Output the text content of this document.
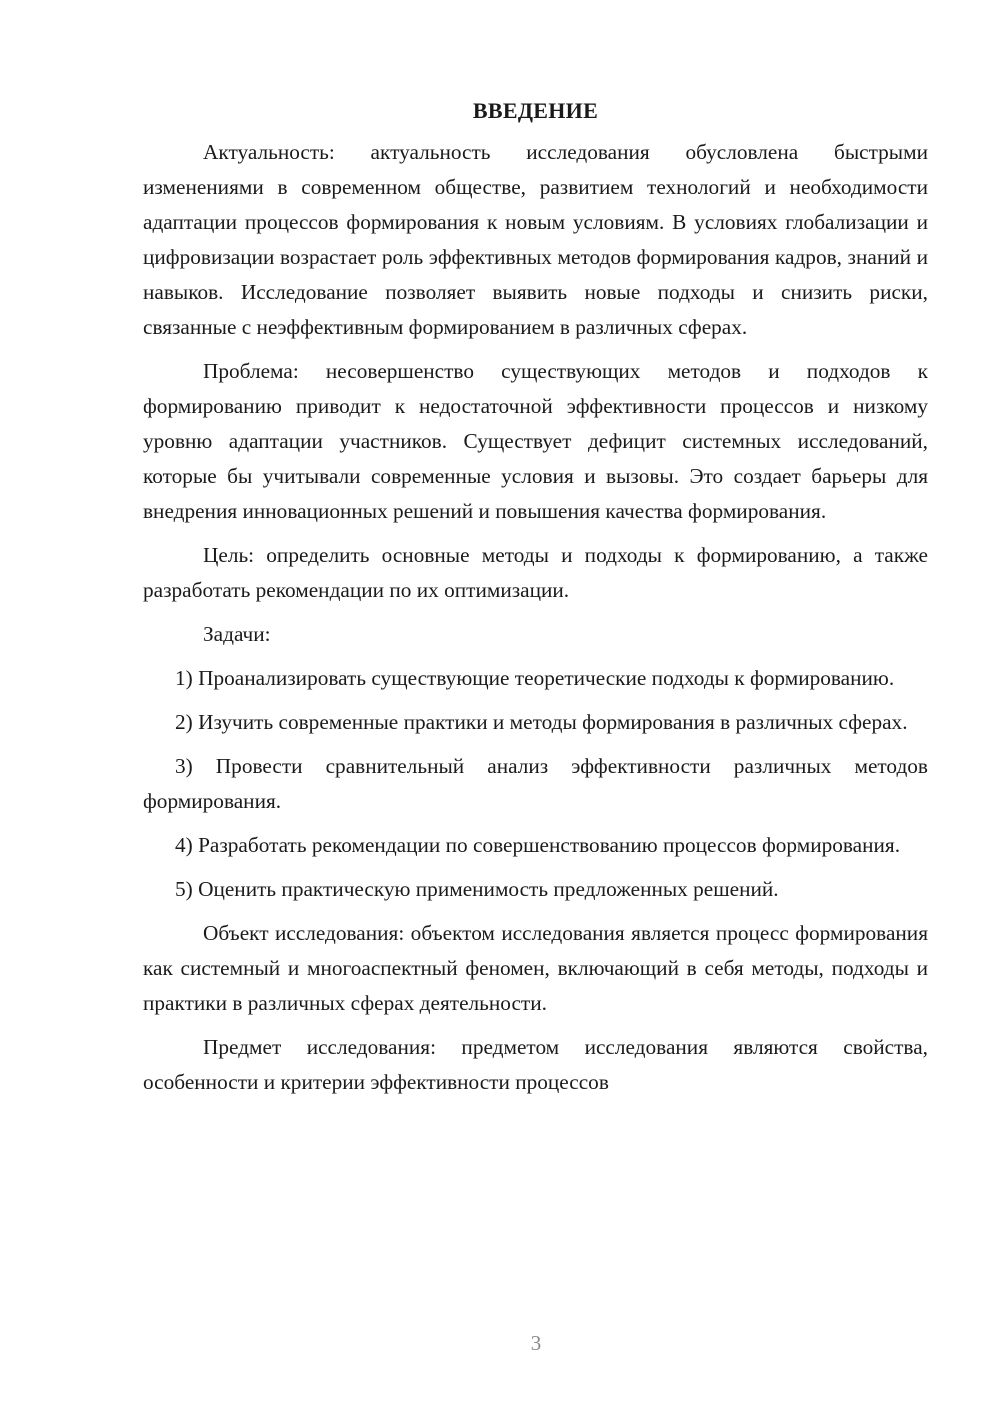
ВВЕДЕНИЕ

Актуальность: актуальность исследования обусловлена быстрыми изменениями в современном обществе, развитием технологий и необходимости адаптации процессов формирования к новым условиям. В условиях глобализации и цифровизации возрастает роль эффективных методов формирования кадров, знаний и навыков. Исследование позволяет выявить новые подходы и снизить риски, связанные с неэффективным формированием в различных сферах.

Проблема: несовершенство существующих методов и подходов к формированию приводит к недостаточной эффективности процессов и низкому уровню адаптации участников. Существует дефицит системных исследований, которые бы учитывали современные условия и вызовы. Это создает барьеры для внедрения инновационных решений и повышения качества формирования.

Цель: определить основные методы и подходы к формированию, а также разработать рекомендации по их оптимизации.

Задачи:

1) Проанализировать существующие теоретические подходы к формированию.

2) Изучить современные практики и методы формирования в различных сферах.

3) Провести сравнительный анализ эффективности различных методов формирования.

4) Разработать рекомендации по совершенствованию процессов формирования.

5) Оценить практическую применимость предложенных решений.

Объект исследования: объектом исследования является процесс формирования как системный и многоаспектный феномен, включающий в себя методы, подходы и практики в различных сферах деятельности.

Предмет исследования: предметом исследования являются свойства, особенности и критерии эффективности процессов

3
